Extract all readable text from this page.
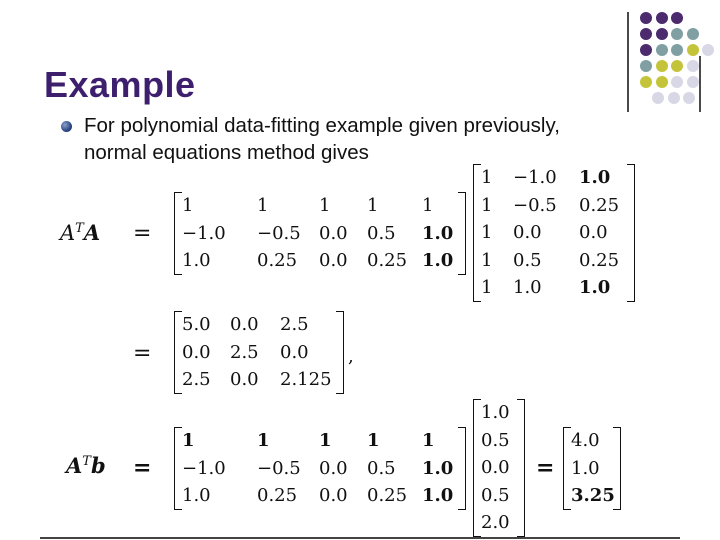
Example
For polynomial data-fitting example given previously,
normal equations method gives
$A^TA$ =
1	1	1	1	1
−1.0	−0.5	0.0	0.5	1.0
1.0	0.25	0.0	0.25 1.0
1	−1.0	1.0
1	−0.5	0.25
1	0.0	0.0
1	0.5	0.25
1	1.0	1.0
=
5.0	0.0	2.5
0.0	2.5	0.0
2.5	0.0	2.125
,
$A^Tb$ =
1	1	1	1	1
−1.0	−0.5	0.0	0.5	1.0
1.0	0.25	0.0	0.25 1.0
1.0
0.5
0.0
0.5
2.0
=
4.0
1.0
3.25
